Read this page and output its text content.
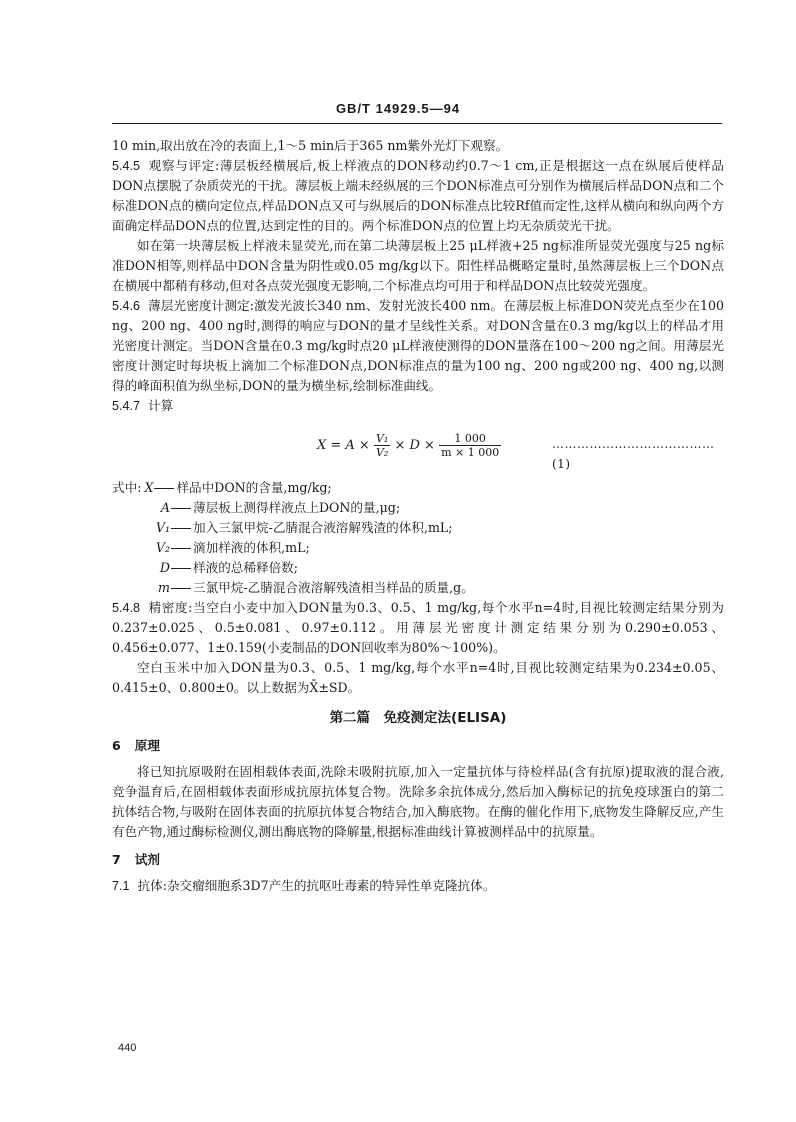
GB/T 14929.5—94

10 min,取出放在冷的表面上,1～5 min后于365 nm紫外光灯下观察。

5.4.5 观察与评定:薄层板经横展后,板上样液点的DON移动约0.7～1 cm,正是根据这一点在纵展后使样品DON点摆脱了杂质荧光的干扰。薄层板上端未经纵展的三个DON标准点可分别作为横展后样品DON点和二个标准DON点的横向定位点,样品DON点又可与纵展后的DON标准点比较Rf值而定性,这样从横向和纵向两个方面确定样品DON点的位置,达到定性的目的。两个标准DON点的位置上均无杂质荧光干扰。

如在第一块薄层板上样液未显荧光,而在第二块薄层板上25 μL样液+25 ng标准所显荧光强度与25 ng标准DON相等,则样品中DON含量为阴性或0.05 mg/kg以下。阳性样品概略定量时,虽然薄层板上三个DON点在横展中都稍有移动,但对各点荧光强度无影响,二个标准点均可用于和样品DON点比较荧光强度。

5.4.6 薄层光密度计测定:激发光波长340 nm、发射光波长400 nm。在薄层板上标准DON荧光点至少在100 ng、200 ng、400 ng时,测得的响应与DON的量才呈线性关系。对DON含量在0.3 mg/kg以上的样品才用光密度计测定。当DON含量在0.3 mg/kg时点20 μL样液使测得的DON量落在100～200 ng之间。用薄层光密度计测定时每块板上滴加二个标准DON点,DON标准点的量为100 ng、200 ng或200 ng、400 ng,以测得的峰面积值为纵坐标,DON的量为横坐标,绘制标准曲线。

5.4.7 计算

$X = A \times \frac{\text{V₁}}{\text{V₂}} \times D \times \frac{1 000}{m \times 1 000}$	…………………………………(1)
式中: X 样品中DON的含量,mg/kg;
A 薄层板上测得样液点上DON的量,μg;
V₁ 加入三氯甲烷-乙腈混合液溶解残渣的体积,mL;
V₂ 滴加样液的体积,mL;
D 样液的总稀释倍数;
m 三氯甲烷-乙腈混合液溶解残渣相当样品的质量,g。

5.4.8 精密度:当空白小麦中加入DON量为0.3、0.5、1 mg/kg,每个水平n=4时,目视比较测定结果分别为0.237±0.025、0.5±0.081、0.97±0.112。用薄层光密度计测定结果分别为0.290±0.053、0.456±0.077、1±0.159(小麦制品的DON回收率为80%～100%)。

空白玉米中加入DON量为0.3、0.5、1 mg/kg,每个水平n=4时,目视比较测定结果为0.234±0.05、0.415±0、0.800±0。以上数据为X̄±SD。

第二篇　免疫测定法(ELISA)
6 原理

将已知抗原吸附在固相载体表面,洗除未吸附抗原,加入一定量抗体与待检样品(含有抗原)提取液的混合液,竞争温育后,在固相载体表面形成抗原抗体复合物。洗除多余抗体成分,然后加入酶标记的抗免疫球蛋白的第二抗体结合物,与吸附在固体表面的抗原抗体复合物结合,加入酶底物。在酶的催化作用下,底物发生降解反应,产生有色产物,通过酶标检测仪,测出酶底物的降解量,根据标准曲线计算被测样品中的抗原量。

7 试剂

7.1 抗体:杂交瘤细胞系3D7产生的抗呕吐毒素的特异性单克隆抗体。

440
